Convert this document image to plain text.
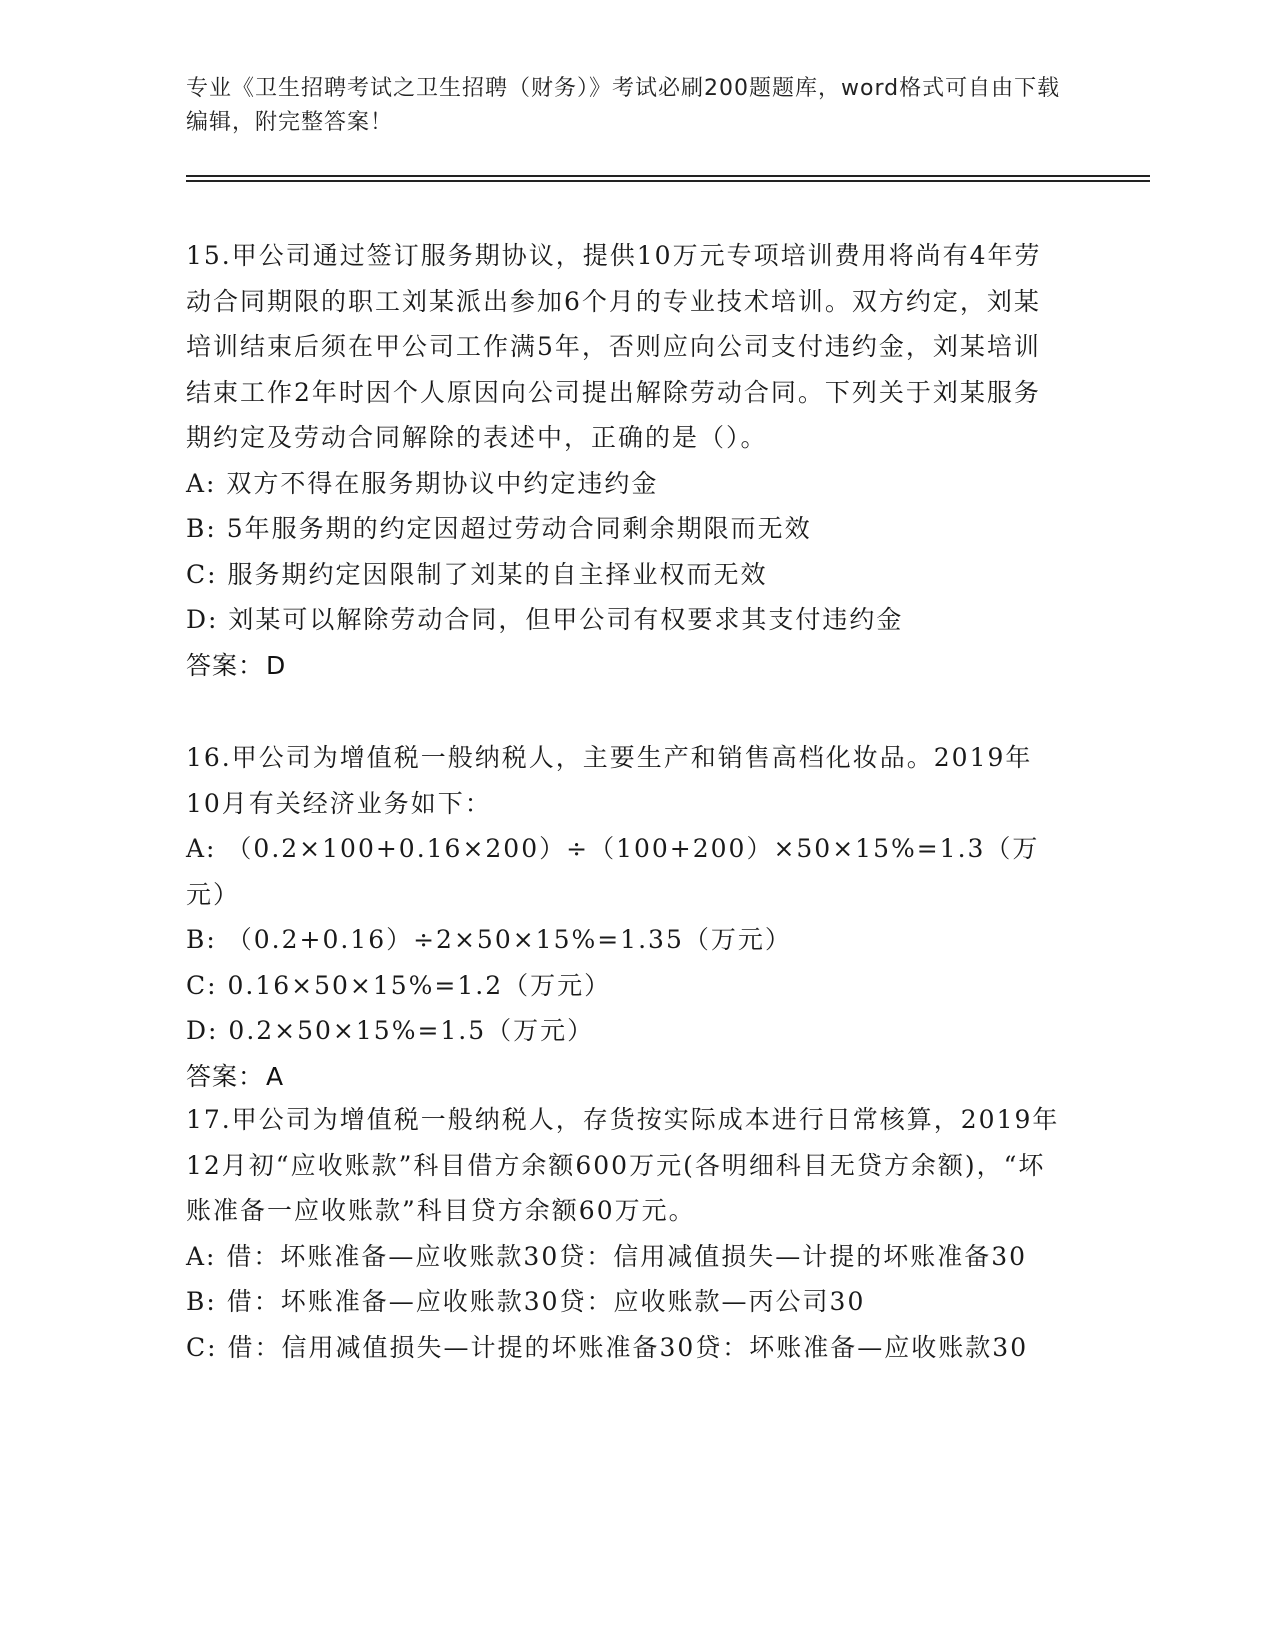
专业《卫生招聘考试之卫生招聘（财务）》考试必刷200题题库，word格式可自由下载编辑，附完整答案！

15.甲公司通过签订服务期协议，提供10万元专项培训费用将尚有4年劳动合同期限的职工刘某派出参加6个月的专业技术培训。双方约定，刘某培训结束后须在甲公司工作满5年，否则应向公司支付违约金，刘某培训结束工作2年时因个人原因向公司提出解除劳动合同。下列关于刘某服务期约定及劳动合同解除的表述中，正确的是（）。

A: 双方不得在服务期协议中约定违约金

B: 5年服务期的约定因超过劳动合同剩余期限而无效

C: 服务期约定因限制了刘某的自主择业权而无效

D: 刘某可以解除劳动合同，但甲公司有权要求其支付违约金

答案：D

16.甲公司为增值税一般纳税人，主要生产和销售高档化妆品。2019年10月有关经济业务如下：

A: （0.2×100+0.16×200）÷（100+200）×50×15%=1.3（万元）

B: （0.2+0.16）÷2×50×15%=1.35（万元）

C: 0.16×50×15%=1.2（万元）

D: 0.2×50×15%=1.5（万元）

答案：A

17.甲公司为增值税一般纳税人，存货按实际成本进行日常核算，2019年12月初“应收账款”科目借方余额600万元(各明细科目无贷方余额)，“坏账准备一应收账款”科目贷方余额60万元。

A: 借：坏账准备—应收账款30贷：信用减值损失—计提的坏账准备30

B: 借：坏账准备—应收账款30贷：应收账款—丙公司30

C: 借：信用减值损失—计提的坏账准备30贷：坏账准备—应收账款30
